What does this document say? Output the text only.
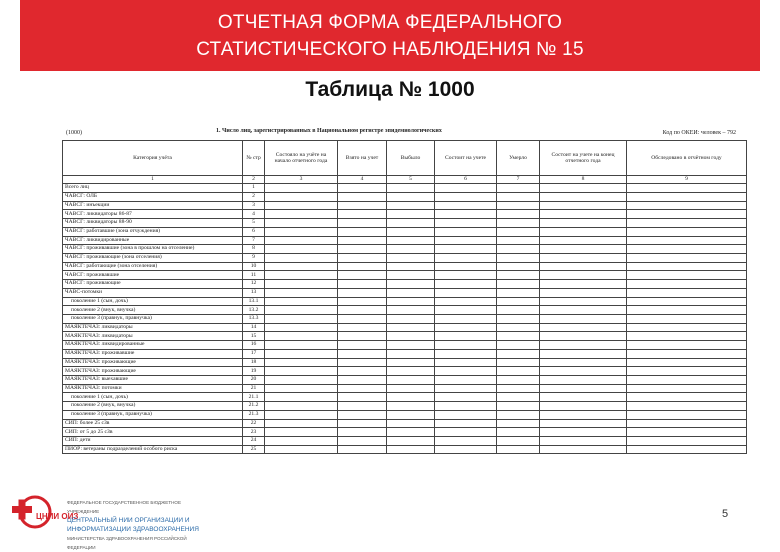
ОТЧЕТНАЯ ФОРМА ФЕДЕРАЛЬНОГО
СТАТИСТИЧЕСКОГО НАБЛЮДЕНИЯ № 15
Таблица № 1000
(1000)	1. Число лиц, зарегистрированных в Национальном регистре эпидемиологических	Код по ОКЕИ: человек – 792
Категория учёта	№ стр	Состояло на учёте на начало отчетного года	Взято на учет	Выбыло	Состоит на учете	Умерло	Состоит на учете на конец отчетного года	Обследовано в отчётном году
1	2	3	4	5	6	7	8	9
Всего лиц	1							
ЧАВСГ: ОЛБ	2							
ЧАВСГ: инъекции	3							
ЧАВСГ: ликвидаторы 86-87	4							
ЧАВСГ: ликвидаторы 88-90	5							
ЧАВСГ: работавшие (зона отчуждения)	6							
ЧАВСГ: ликвидированные	7							
ЧАВСГ: проживавшие (зона в прошлом на отселение)	8							
ЧАВСГ: проживающие (зона отселения)	9							
ЧАВСГ: работающие (зона отселения)	10							
ЧАВСГ: проживавшие	11							
ЧАВСГ: проживающие	12							
ЧАВС-потомки	13							
поколение 1 (сын, дочь)	13.1							
поколение 2 (внук, внучка)	13.2							
поколение 3 (правнук, правнучка)	13.3							
МАЯКТЕЧАЗ: ликвидаторы	14							
МАЯКТЕЧАЗ: ликвидаторы	15							
МАЯКТЕЧАЗ: ликвидированные	16							
МАЯКТЕЧАЗ: проживавшие	17							
МАЯКТЕЧАЗ: проживающие	18							
МАЯКТЕЧАЗ: проживающие	19							
МАЯКТЕЧАЗ: выехавшие	20							
МАЯКТЕЧАЗ: потомки	21							
поколение 1 (сын, дочь)	21.1							
поколение 2 (внук, внучка)	21.2							
поколение 3 (правнук, правнучка)	21.3							
СИП: более 25 сЗв	22							
СИП: от 5 до 25 сЗв	23							
СИП: дети	24							
ПИОР: ветераны подразделений особого риска	25							
ЦНИИ ОИЗ
ФЕДЕРАЛЬНОЕ ГОСУДАРСТВЕННОЕ БЮДЖЕТНОЕ УЧРЕЖДЕНИЕ
ЦЕНТРАЛЬНЫЙ НИИ ОРГАНИЗАЦИИ И
ИНФОРМАТИЗАЦИИ ЗДРАВООХРАНЕНИЯ
МИНИСТЕРСТВА ЗДРАВООХРАНЕНИЯ РОССИЙСКОЙ ФЕДЕРАЦИИ
5
